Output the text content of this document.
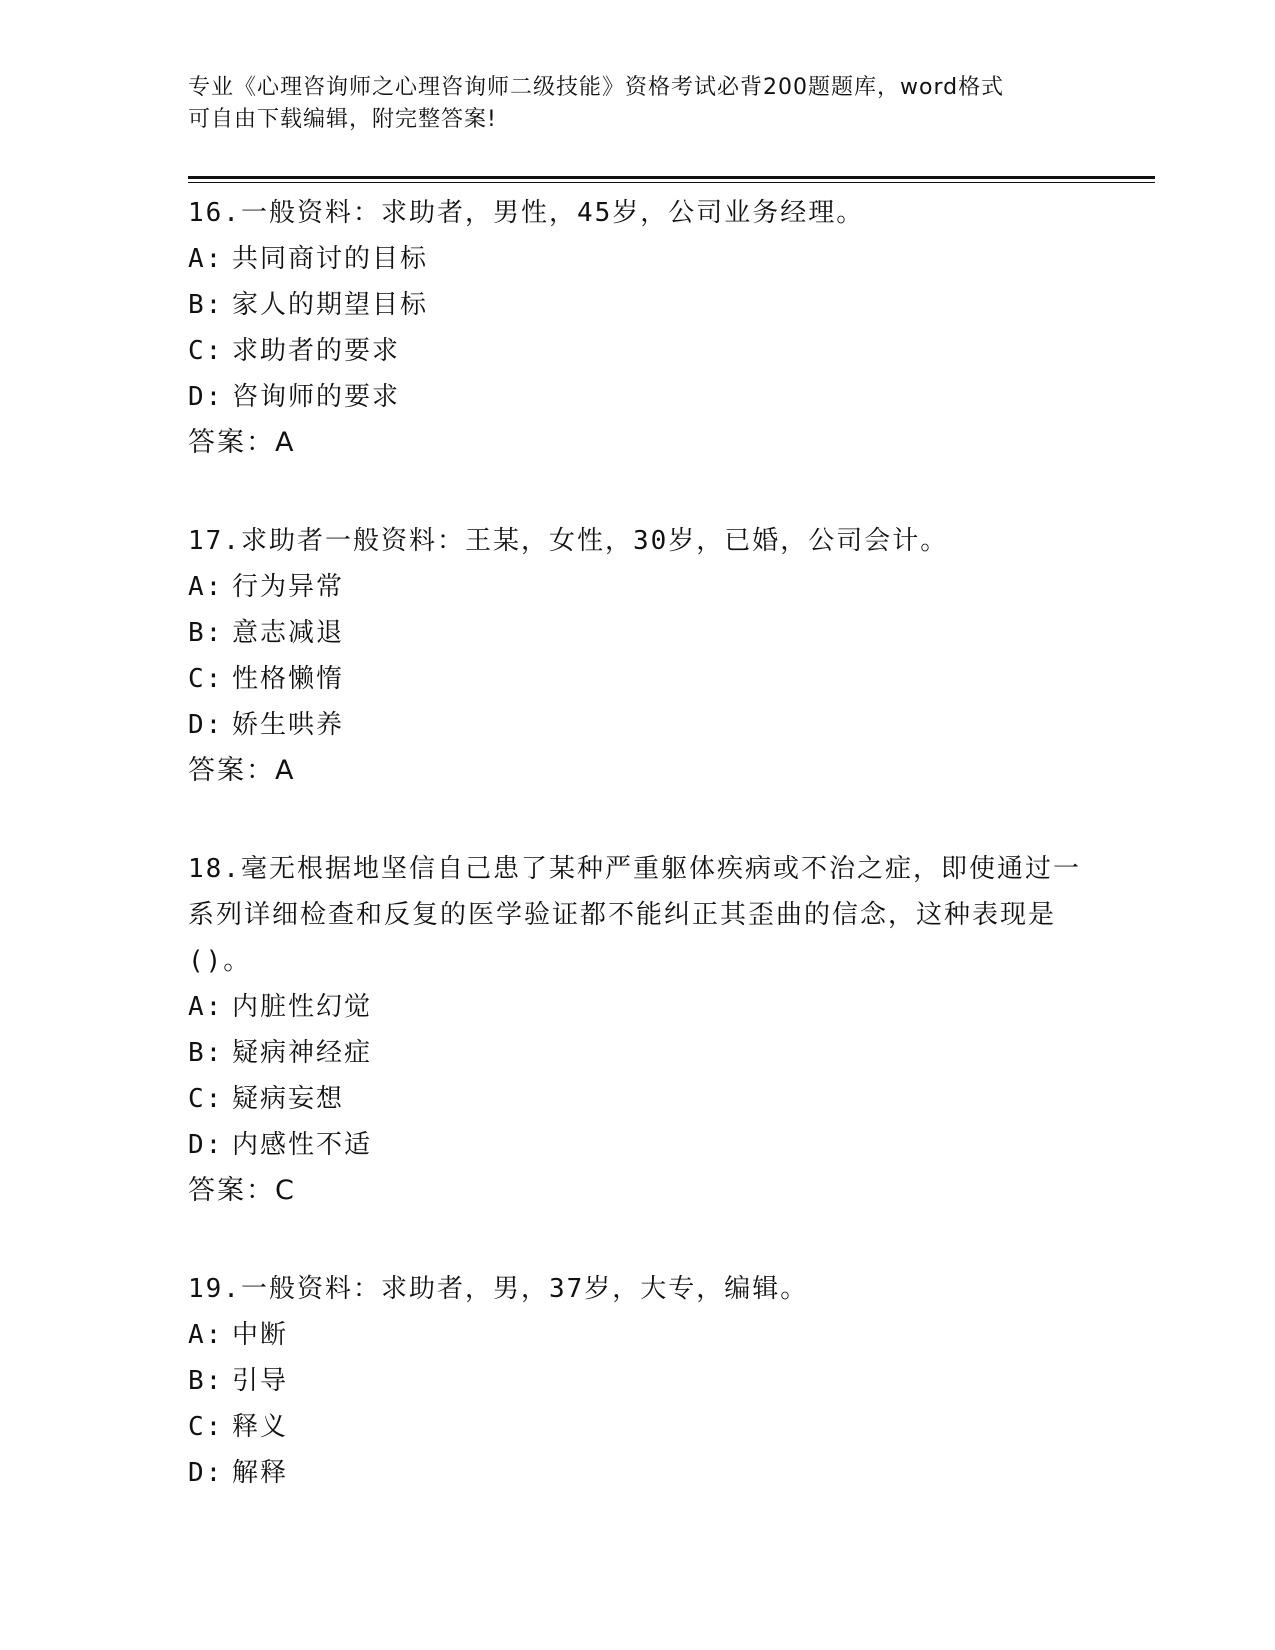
专业《心理咨询师之心理咨询师二级技能》资格考试必背200题题库，word格式
可自由下载编辑，附完整答案!
16.一般资料：求助者，男性，45岁，公司业务经理。
A: 共同商讨的目标
B: 家人的期望目标
C: 求助者的要求
D: 咨询师的要求
答案：A
17.求助者一般资料：王某，女性，30岁，已婚，公司会计。
A: 行为异常
B: 意志减退
C: 性格懒惰
D: 娇生哄养
答案：A
18.毫无根据地坚信自己患了某种严重躯体疾病或不治之症，即使通过一系列详细检查和反复的医学验证都不能纠正其歪曲的信念，这种表现是()。
A: 内脏性幻觉
B: 疑病神经症
C: 疑病妄想
D: 内感性不适
答案：C
19.一般资料：求助者，男，37岁，大专，编辑。
A: 中断
B: 引导
C: 释义
D: 解释
